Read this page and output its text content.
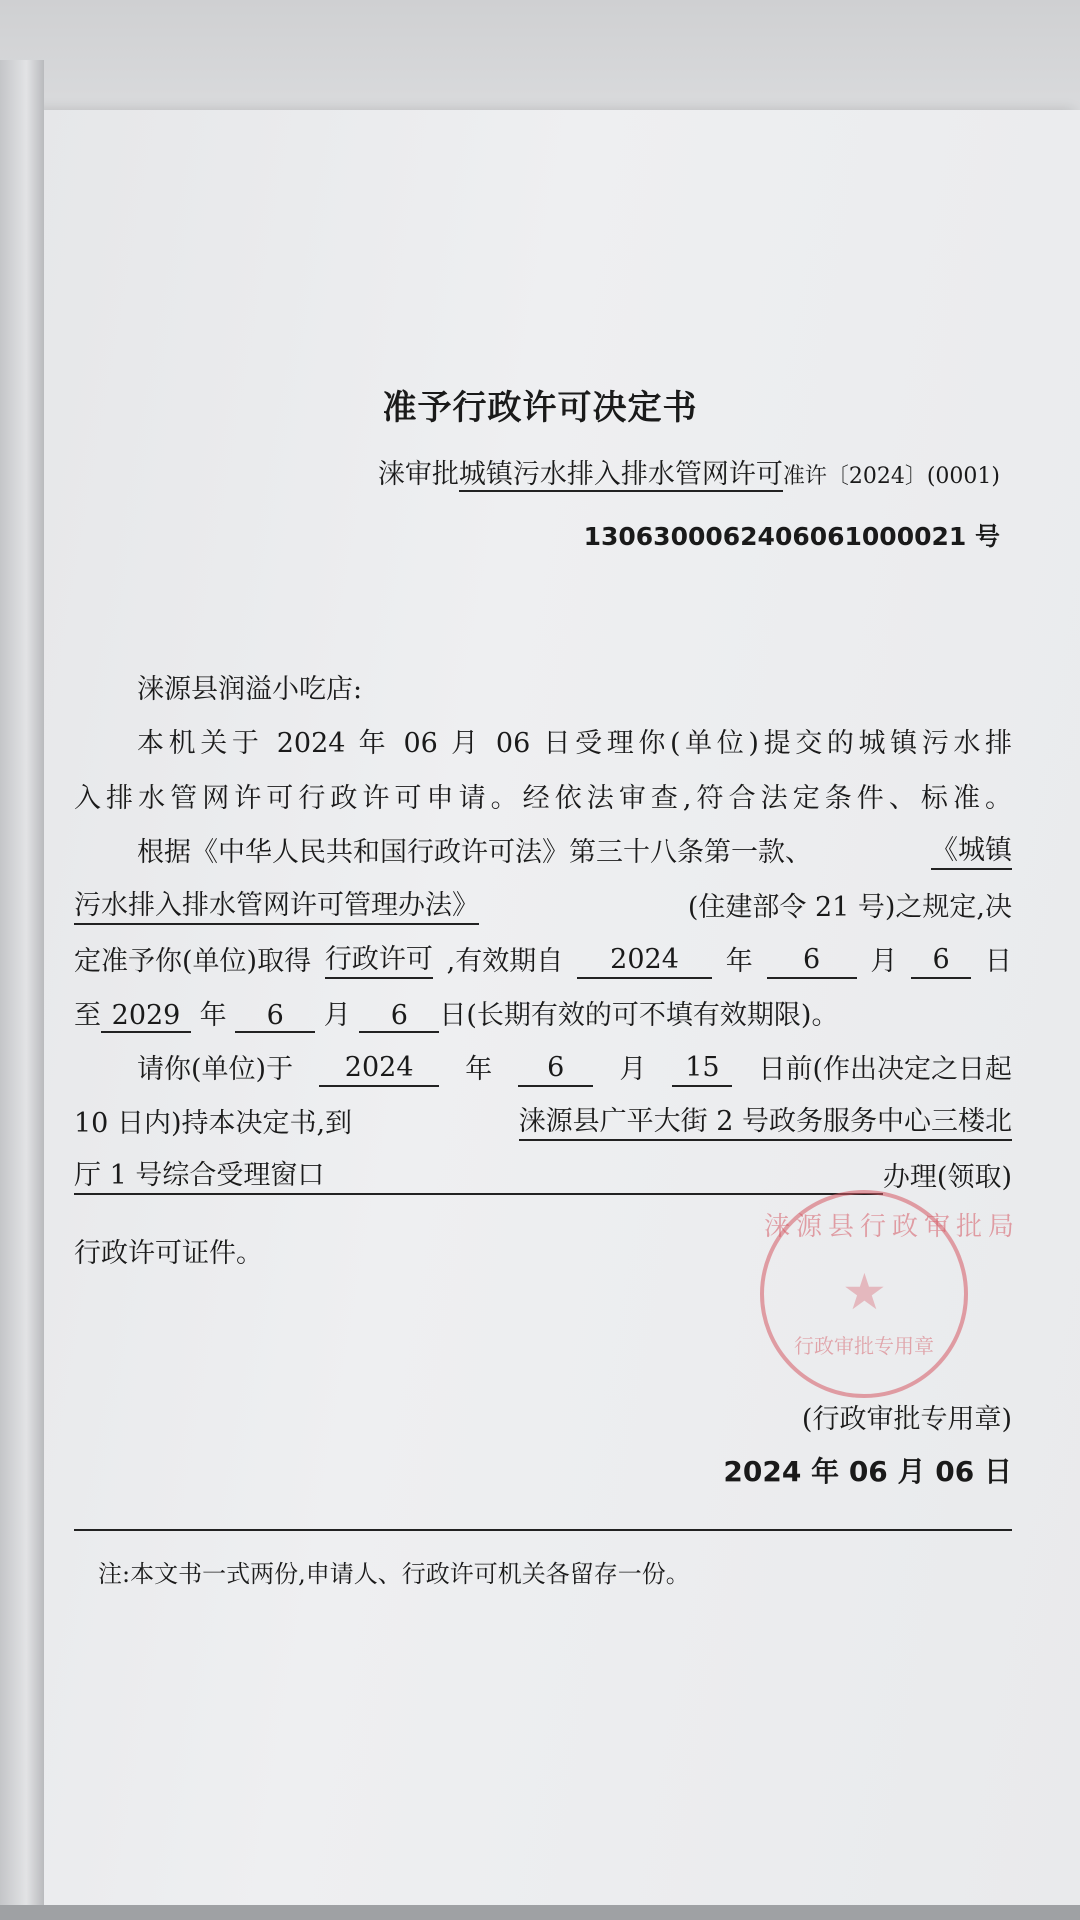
准予行政许可决定书
涞审批城镇污水排入排水管网许可准许〔2024〕(0001)
13063000624060610000​21 号
涞源县润溢小吃店:
本机关于 2024 年 06 月 06 日受理你(单位)提交的城镇污水排
入排水管网许可行政许可申请。经依法审查,符合法定条件、标准。
根据《中华人民共和国行政许可法》第三十八条第一款、	《城镇
污水排入排水管网许可管理办法》	(住建部令 21 号)之规定,决
定准予你(单位)取得 行政许可 ,有效期自	2024	年	6	月	6	日
至 2029 年 6 月 6 日(长期有效的可不填有效期限)。
请你(单位)于	2024	年	6	月	15	日前(作出决定之日起
10 日内)持本决定书,到	涞源县广平大街 2 号政务服务中心三楼北
厅 1 号综合受理窗口	办理(领取)
行政许可证件。
涞源县行政审批局
★
行政审批专用章
(行政审批专用章)
2024 年 06 月 06 日
注:本文书一式两份,申请人、行政许可机关各留存一份。
